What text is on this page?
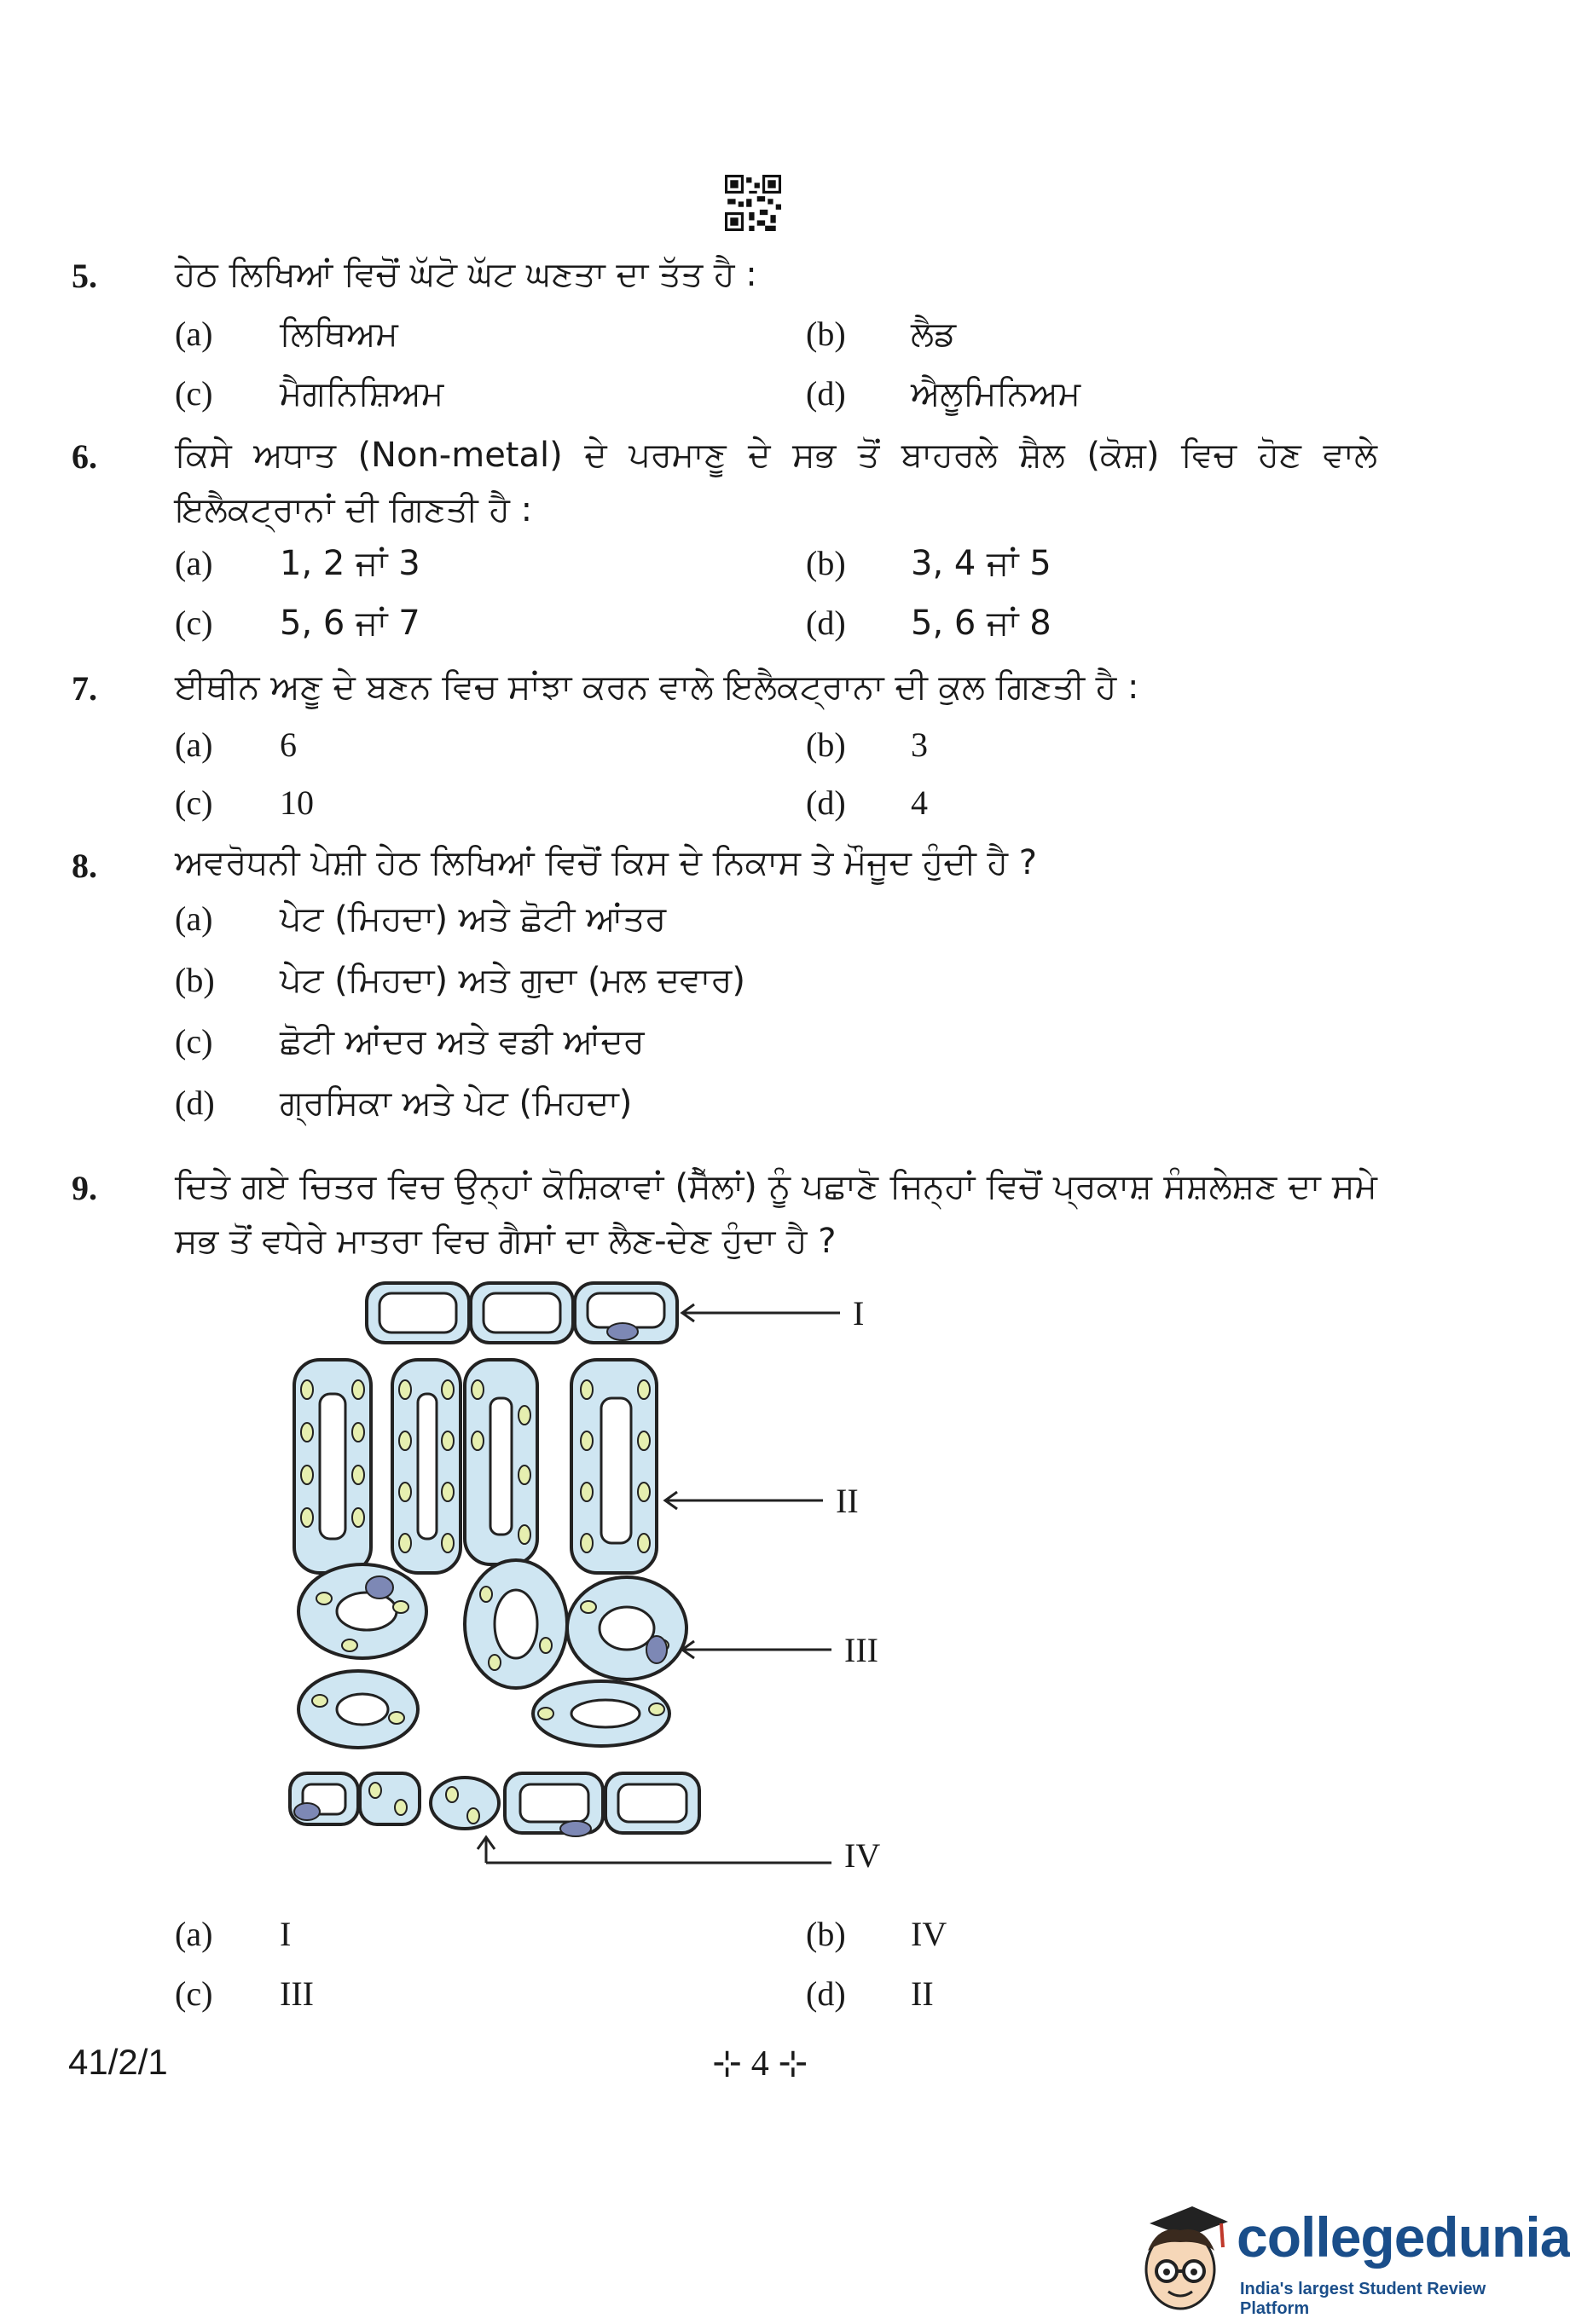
5. ਹੇਠ ਲਿਖਿਆਂ ਵਿਚੋਂ ਘੱਟੋ ਘੱਟ ਘਣਤਾ ਦਾ ਤੱਤ ਹੈ :
(a) ਲਿਥਿਅਮ	(b) ਲੈਡ
(c) ਮੈਗਨਿਸ਼ਿਅਮ	(d) ਐਲੂਮਿਨਿਅਮ
6. ਕਿਸੇ ਅਧਾਤ (Non-metal) ਦੇ ਪਰਮਾਣੂ ਦੇ ਸਭ ਤੋਂ ਬਾਹਰਲੇ ਸ਼ੈਲ (ਕੋਸ਼) ਵਿਚ ਹੋਣ ਵਾਲੇ ਇਲੈਕਟ੍ਰਾਨਾਂ ਦੀ ਗਿਣਤੀ ਹੈ :
(a) 1, 2 ਜਾਂ 3	(b) 3, 4 ਜਾਂ 5
(c) 5, 6 ਜਾਂ 7	(d) 5, 6 ਜਾਂ 8
7. ਈਥੀਨ ਅਣੂ ਦੇ ਬਣਨ ਵਿਚ ਸਾਂਝਾ ਕਰਨ ਵਾਲੇ ਇਲੈਕਟ੍ਰਾਨਾ ਦੀ ਕੁਲ ਗਿਣਤੀ ਹੈ :
(a) 6	(b) 3
(c) 10	(d) 4
8. ਅਵਰੋਧਨੀ ਪੇਸ਼ੀ ਹੇਠ ਲਿਖਿਆਂ ਵਿਚੋਂ ਕਿਸ ਦੇ ਨਿਕਾਸ ਤੇ ਮੌਜੂਦ ਹੁੰਦੀ ਹੈ ?
(a) ਪੇਟ (ਮਿਹਦਾ) ਅਤੇ ਛੋਟੀ ਆਂਤਰ
(b) ਪੇਟ (ਮਿਹਦਾ) ਅਤੇ ਗੁਦਾ (ਮਲ ਦਵਾਰ)
(c) ਛੋਟੀ ਆਂਦਰ ਅਤੇ ਵਡੀ ਆਂਦਰ
(d) ਗ੍ਰਸਿਕਾ ਅਤੇ ਪੇਟ (ਮਿਹਦਾ)
9. ਦਿਤੇ ਗਏ ਚਿਤਰ ਵਿਚ ਉਨ੍ਹਾਂ ਕੋਸ਼ਿਕਾਵਾਂ (ਸੈੱਲਾਂ) ਨੂੰ ਪਛਾਣੋ ਜਿਨ੍ਹਾਂ ਵਿਚੋਂ ਪ੍ਰਕਾਸ਼ ਸੰਸ਼ਲੇਸ਼ਣ ਦਾ ਸਮੇ ਸਭ ਤੋਂ ਵਧੇਰੇ ਮਾਤਰਾ ਵਿਚ ਗੈਸਾਂ ਦਾ ਲੈਣ-ਦੇਣ ਹੁੰਦਾ ਹੈ ?
I
II
III
IV
(a) I	(b) IV
(c) III	(d) II
41/2/1	⊹ 4 ⊹
collegedunia
India's largest Student Review Platform
